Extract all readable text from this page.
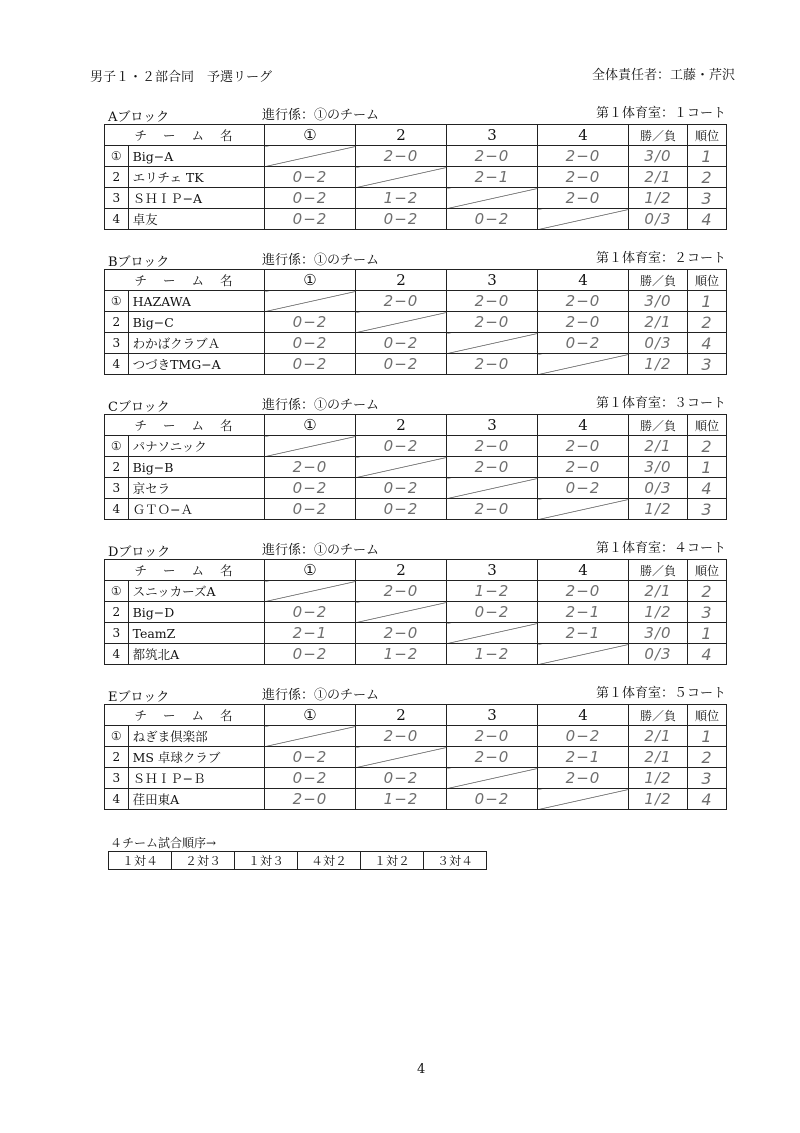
男子１・２部合同　予選リーグ	全体責任者：工藤・芹沢
Aブロック	進行係：①のチーム	第１体育室：１コート
チ ー ム 名		①	2	3	4	勝／負	順位
①	Big−A		2−0	2−0	2−0	3/0	1
2	エリチェ TK	0−2		2−1	2−0	2/1	2
3	ＳＨＩＰ−A	0−2	1−2		2−0	1/2	3
4	卓友	0−2	0−2	0−2		0/3	4
Bブロック	進行係：①のチーム	第１体育室：２コート
チ ー ム 名		①	2	3	4	勝／負	順位
①	HAZAWA		2−0	2−0	2−0	3/0	1
2	Big−C	0−2		2−0	2−0	2/1	2
3	わかばクラブＡ	0−2	0−2		0−2	0/3	4
4	つづきTMG−A	0−2	0−2	2−0		1/2	3
Cブロック	進行係：①のチーム	第１体育室：３コート
チ ー ム 名		①	2	3	4	勝／負	順位
①	パナソニック		0−2	2−0	2−0	2/1	2
2	Big−B	2−0		2−0	2−0	3/0	1
3	京セラ	0−2	0−2		0−2	0/3	4
4	ＧＴＯ−Ａ	0−2	0−2	2−0		1/2	3
Dブロック	進行係：①のチーム	第１体育室：４コート
チ ー ム 名		①	2	3	4	勝／負	順位
①	スニッカーズA		2−0	1−2	2−0	2/1	2
2	Big−D	0−2		0−2	2−1	1/2	3
3	TeamZ	2−1	2−0		2−1	3/0	1
4	都筑北A	0−2	1−2	1−2		0/3	4
Eブロック	進行係：①のチーム	第１体育室：５コート
チ ー ム 名		①	2	3	4	勝／負	順位
①	ねぎま倶楽部		2−0	2−0	0−2	2/1	1
2	MS 卓球クラブ	0−2		2−0	2−1	2/1	2
3	ＳＨＩＰ−Ｂ	0−2	0−2		2−0	1/2	3
4	荏田東A	2−0	1−2	0−2		1/2	4
４チーム試合順序→
１対４	２対３	１対３	４対２	１対２	３対４
4
